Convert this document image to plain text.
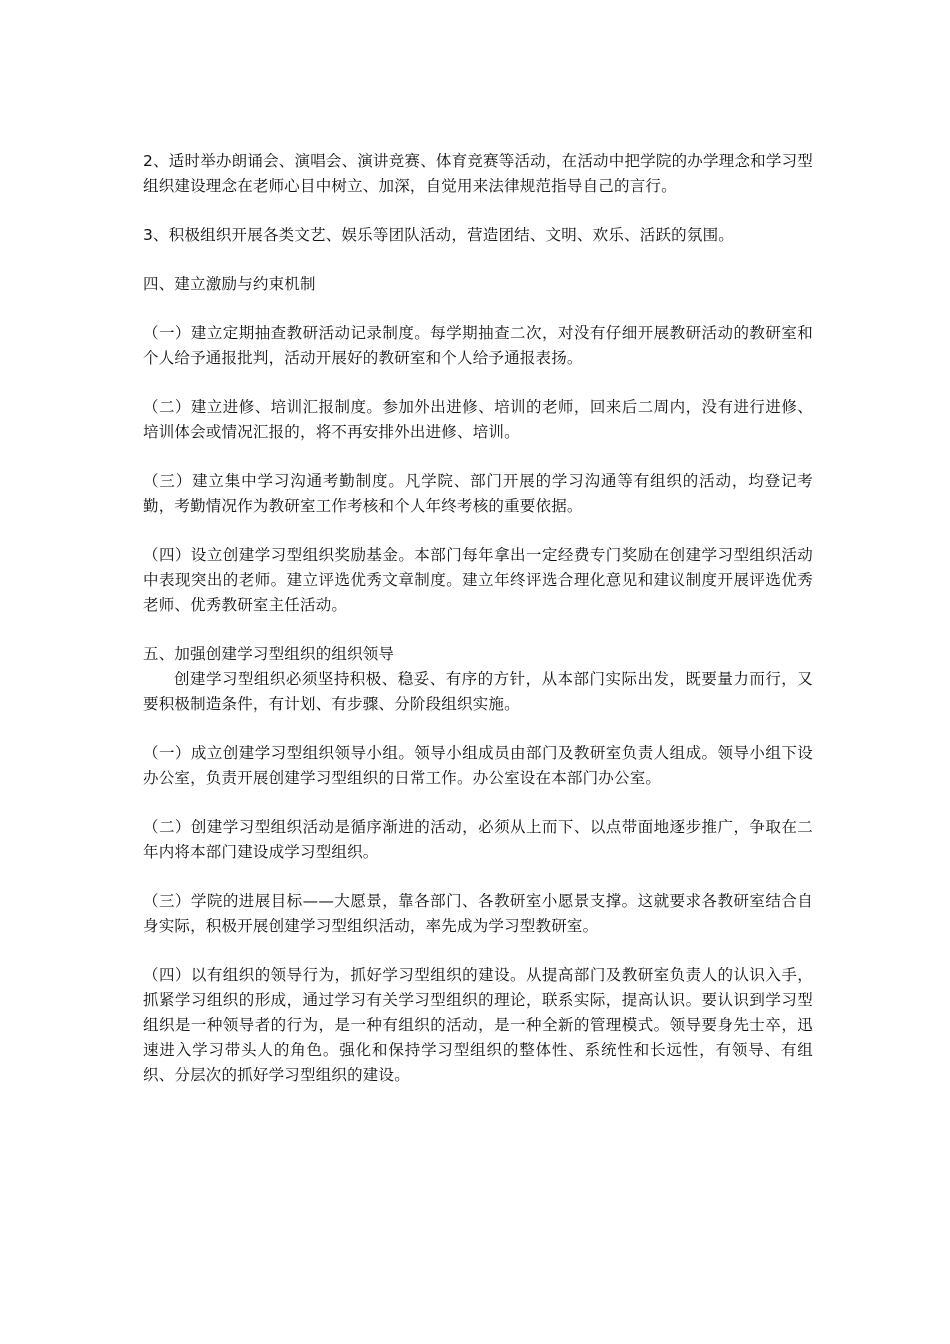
2、适时举办朗诵会、演唱会、演讲竞赛、体育竞赛等活动，在活动中把学院的办学理念和学习型组织建设理念在老师心目中树立、加深，自觉用来法律规范指导自己的言行。

3、积极组织开展各类文艺、娱乐等团队活动，营造团结、文明、欢乐、活跃的氛围。

四、建立激励与约束机制

（一）建立定期抽查教研活动记录制度。每学期抽查二次，对没有仔细开展教研活动的教研室和个人给予通报批判，活动开展好的教研室和个人给予通报表扬。

（二）建立进修、培训汇报制度。参加外出进修、培训的老师，回来后二周内，没有进行进修、培训体会或情况汇报的，将不再安排外出进修、培训。

（三）建立集中学习沟通考勤制度。凡学院、部门开展的学习沟通等有组织的活动，均登记考勤，考勤情况作为教研室工作考核和个人年终考核的重要依据。

（四）设立创建学习型组织奖励基金。本部门每年拿出一定经费专门奖励在创建学习型组织活动中表现突出的老师。建立评选优秀文章制度。建立年终评选合理化意见和建议制度开展评选优秀老师、优秀教研室主任活动。

五、加强创建学习型组织的组织领导

创建学习型组织必须坚持积极、稳妥、有序的方针，从本部门实际出发，既要量力而行，又要积极制造条件，有计划、有步骤、分阶段组织实施。

（一）成立创建学习型组织领导小组。领导小组成员由部门及教研室负责人组成。领导小组下设办公室，负责开展创建学习型组织的日常工作。办公室设在本部门办公室。

（二）创建学习型组织活动是循序渐进的活动，必须从上而下、以点带面地逐步推广，争取在二年内将本部门建设成学习型组织。

（三）学院的进展目标——大愿景，靠各部门、各教研室小愿景支撑。这就要求各教研室结合自身实际，积极开展创建学习型组织活动，率先成为学习型教研室。

（四）以有组织的领导行为，抓好学习型组织的建设。从提高部门及教研室负责人的认识入手，抓紧学习组织的形成，通过学习有关学习型组织的理论，联系实际，提高认识。要认识到学习型组织是一种领导者的行为，是一种有组织的活动，是一种全新的管理模式。领导要身先士卒，迅速进入学习带头人的角色。强化和保持学习型组织的整体性、系统性和长远性，有领导、有组织、分层次的抓好学习型组织的建设。
